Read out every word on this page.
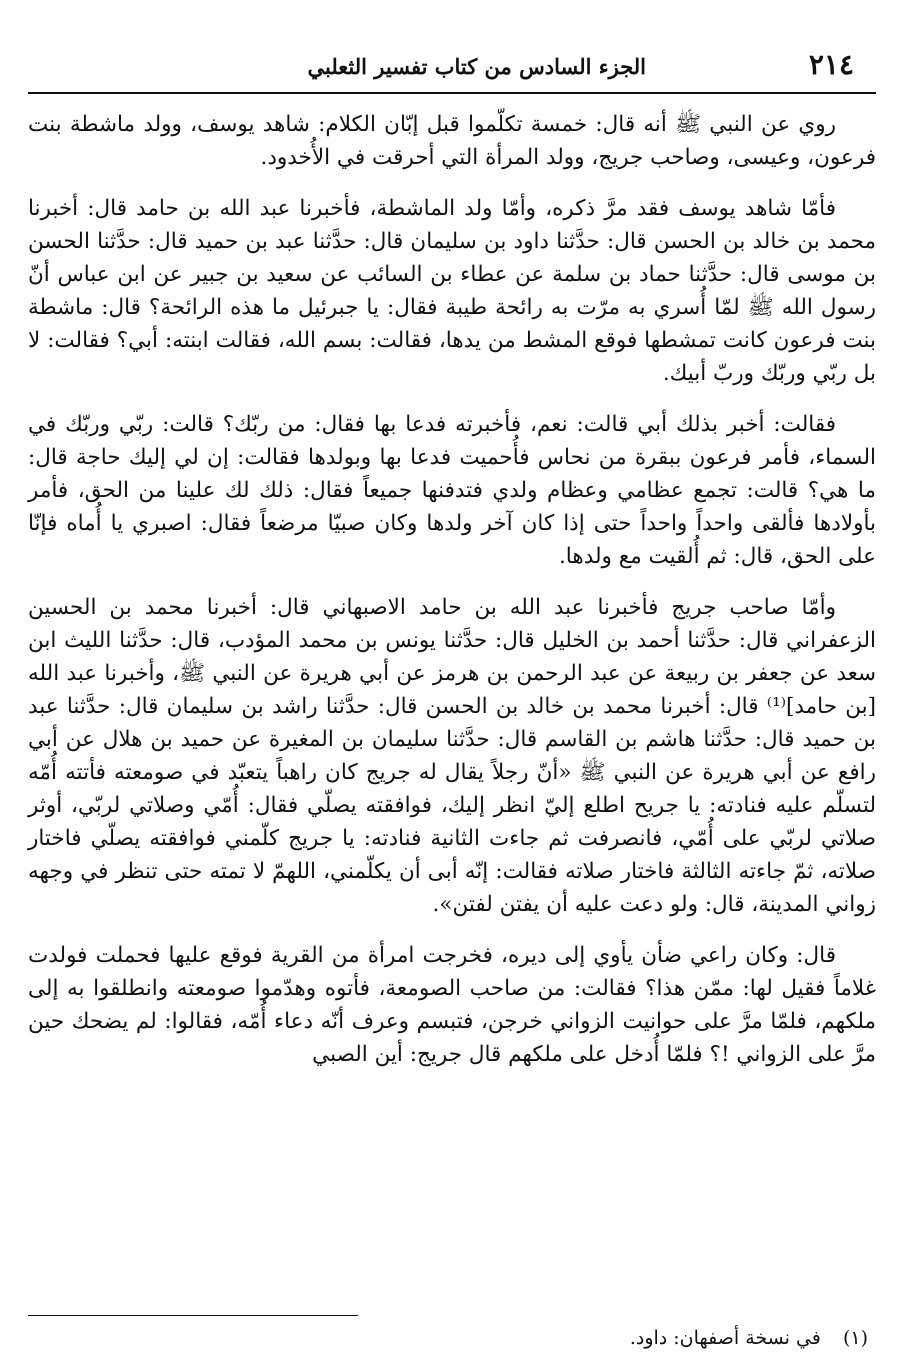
٢١٤
الجزء السادس من كتاب تفسير الثعلبي

روي عن النبي ﷺ أنه قال: خمسة تكلّموا قبل إبّان الكلام: شاهد يوسف، وولد ماشطة بنت فرعون، وعيسى، وصاحب جريج، وولد المرأة التي أحرقت في الأُخدود.

فأمّا شاهد يوسف فقد مرَّ ذكره، وأمّا ولد الماشطة، فأخبرنا عبد الله بن حامد قال: أخبرنا محمد بن خالد بن الحسن قال: حدَّثنا داود بن سليمان قال: حدَّثنا عبد بن حميد قال: حدَّثنا الحسن بن موسى قال: حدَّثنا حماد بن سلمة عن عطاء بن السائب عن سعيد بن جبير عن ابن عباس أنّ رسول الله ﷺ لمّا أُسري به مرّت به رائحة طيبة فقال: يا جبرئيل ما هذه الرائحة؟ قال: ماشطة بنت فرعون كانت تمشطها فوقع المشط من يدها، فقالت: بسم الله، فقالت ابنته: أبي؟ فقالت: لا بل ربّي وربّك وربّ أبيك.

فقالت: أخبر بذلك أبي قالت: نعم، فأخبرته فدعا بها فقال: من ربّك؟ قالت: ربّي وربّك في السماء، فأمر فرعون ببقرة من نحاس فأُحميت فدعا بها وبولدها فقالت: إن لي إليك حاجة قال: ما هي؟ قالت: تجمع عظامي وعظام ولدي فتدفنها جميعاً فقال: ذلك لك علينا من الحق، فأمر بأولادها فألقى واحداً واحداً حتى إذا كان آخر ولدها وكان صبيّا مرضعاً فقال: اصبري يا أُماه فإنّا على الحق، قال: ثم أُلقيت مع ولدها.

وأمّا صاحب جريج فأخبرنا عبد الله بن حامد الاصبهاني قال: أخبرنا محمد بن الحسين الزعفراني قال: حدَّثنا أحمد بن الخليل قال: حدَّثنا يونس بن محمد المؤدب، قال: حدَّثنا الليث ابن سعد عن جعفر بن ربيعة عن عبد الرحمن بن هرمز عن أبي هريرة عن النبي ﷺ، وأخبرنا عبد الله [بن حامد]⁽¹⁾ قال: أخبرنا محمد بن خالد بن الحسن قال: حدَّثنا راشد بن سليمان قال: حدَّثنا عبد بن حميد قال: حدَّثنا هاشم بن القاسم قال: حدَّثنا سليمان بن المغيرة عن حميد بن هلال عن أبي رافع عن أبي هريرة عن النبي ﷺ «أنّ رجلاً يقال له جريج كان راهباً يتعبّد في صومعته فأتته أُمّه لتسلّم عليه فنادته: يا جريح اطلع إليّ انظر إليك، فوافقته يصلّي فقال: أُمّي وصلاتي لربّي، أوثر صلاتي لربّي على أُمّي، فانصرفت ثم جاءت الثانية فنادته: يا جريج كلّمني فوافقته يصلّي فاختار صلاته، ثمّ جاءته الثالثة فاختار صلاته فقالت: إنّه أبى أن يكلّمني، اللهمّ لا تمته حتى تنظر في وجهه زواني المدينة، قال: ولو دعت عليه أن يفتن لفتن».

قال: وكان راعي ضأن يأوي إلى ديره، فخرجت امرأة من القرية فوقع عليها فحملت فولدت غلاماً فقيل لها: ممّن هذا؟ فقالت: من صاحب الصومعة، فأتوه وهدّموا صومعته وانطلقوا به إلى ملكهم، فلمّا مرَّ على حوانيت الزواني خرجن، فتبسم وعرف أنّه دعاء أُمّه، فقالوا: لم يضحك حين مرَّ على الزواني !؟ فلمّا أُدخل على ملكهم قال جريج: أين الصبي

(١) في نسخة أصفهان: داود.
